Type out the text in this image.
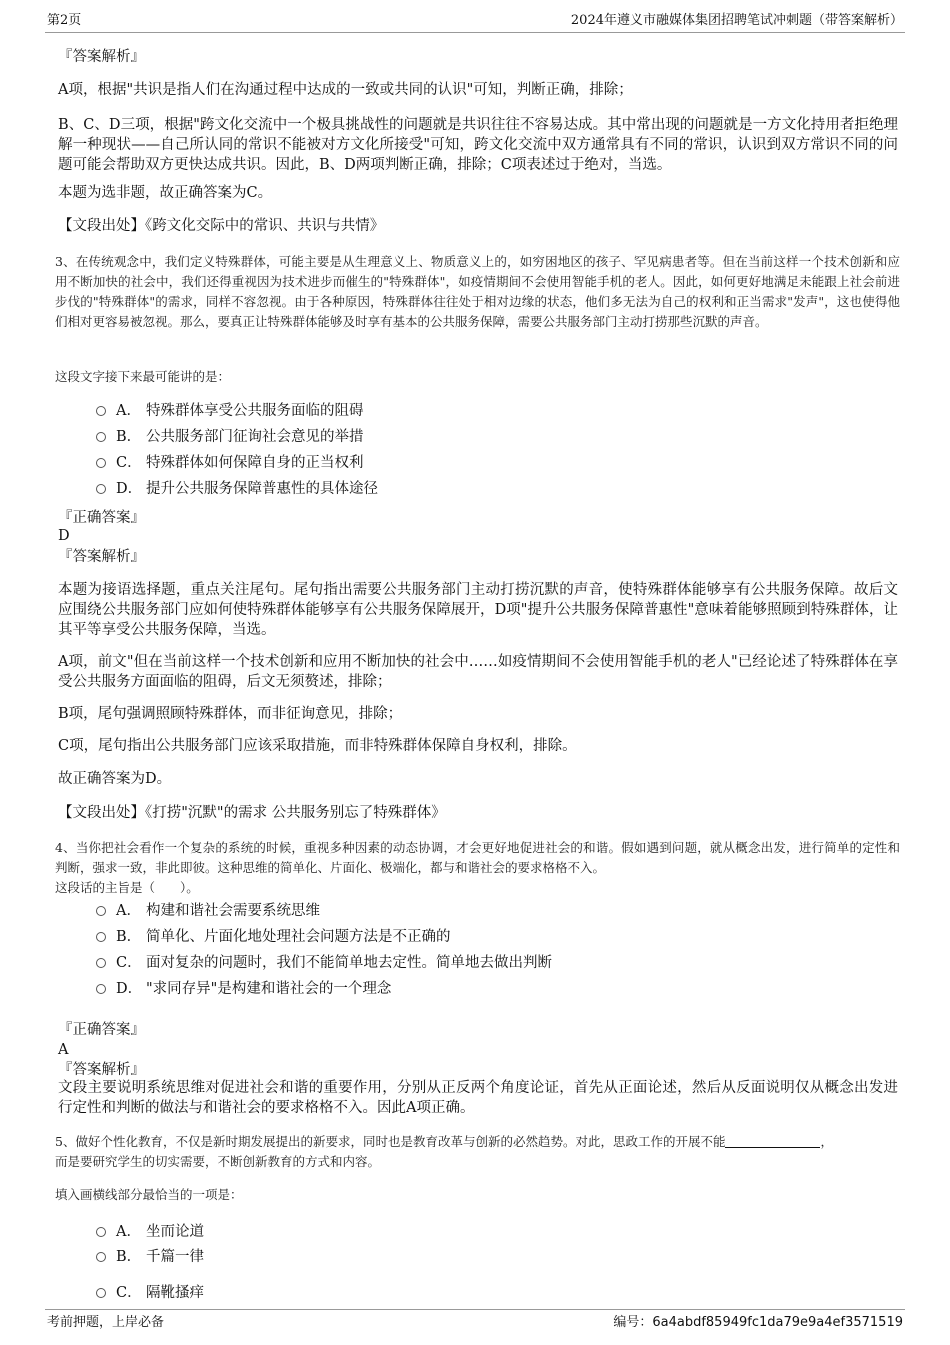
第2页	2024年遵义市融媒体集团招聘笔试冲刺题（带答案解析）
『答案解析』
A项，根据"共识是指人们在沟通过程中达成的一致或共同的认识"可知，判断正确，排除；
B、C、D三项，根据"跨文化交流中一个极具挑战性的问题就是共识往往不容易达成。其中常出现的问题就是一方文化持用者拒绝理解一种现状——自己所认同的常识不能被对方文化所接受"可知，跨文化交流中双方通常具有不同的常识，认识到双方常识不同的问题可能会帮助双方更快达成共识。因此，B、D两项判断正确，排除；C项表述过于绝对，当选。
本题为选非题，故正确答案为C。
【文段出处】《跨文化交际中的常识、共识与共情》
3、在传统观念中，我们定义特殊群体，可能主要是从生理意义上、物质意义上的，如穷困地区的孩子、罕见病患者等。但在当前这样一个技术创新和应用不断加快的社会中，我们还得重视因为技术进步而催生的"特殊群体"，如疫情期间不会使用智能手机的老人。因此，如何更好地满足未能跟上社会前进步伐的"特殊群体"的需求，同样不容忽视。由于各种原因，特殊群体往往处于相对边缘的状态，他们多无法为自己的权利和正当需求"发声"，这也使得他们相对更容易被忽视。那么，要真正让特殊群体能够及时享有基本的公共服务保障，需要公共服务部门主动打捞那些沉默的声音。
这段文字接下来最可能讲的是：
A． 特殊群体享受公共服务面临的阻碍
B． 公共服务部门征询社会意见的举措
C． 特殊群体如何保障自身的正当权利
D． 提升公共服务保障普惠性的具体途径
『正确答案』
D
『答案解析』
本题为接语选择题，重点关注尾句。尾句指出需要公共服务部门主动打捞沉默的声音，使特殊群体能够享有公共服务保障。故后文应围绕公共服务部门应如何使特殊群体能够享有公共服务保障展开，D项"提升公共服务保障普惠性"意味着能够照顾到特殊群体，让其平等享受公共服务保障，当选。
A项，前文"但在当前这样一个技术创新和应用不断加快的社会中……如疫情期间不会使用智能手机的老人"已经论述了特殊群体在享受公共服务方面面临的阻碍，后文无须赘述，排除；
B项，尾句强调照顾特殊群体，而非征询意见，排除；
C项，尾句指出公共服务部门应该采取措施，而非特殊群体保障自身权利，排除。
故正确答案为D。
【文段出处】《打捞"沉默"的需求 公共服务别忘了特殊群体》
4、当你把社会看作一个复杂的系统的时候，重视多种因素的动态协调，才会更好地促进社会的和谐。假如遇到问题，就从概念出发，进行简单的定性和判断，强求一致，非此即彼。这种思维的简单化、片面化、极端化，都与和谐社会的要求格格不入。
这段话的主旨是（　　）。
A． 构建和谐社会需要系统思维
B． 简单化、片面化地处理社会问题方法是不正确的
C． 面对复杂的问题时，我们不能简单地去定性。简单地去做出判断
D． "求同存异"是构建和谐社会的一个理念
『正确答案』
A
『答案解析』
文段主要说明系统思维对促进社会和谐的重要作用，分别从正反两个角度论证，首先从正面论述，然后从反面说明仅从概念出发进行定性和判断的做法与和谐社会的要求格格不入。因此A项正确。
5、做好个性化教育，不仅是新时期发展提出的新要求，同时也是教育改革与创新的必然趋势。对此，思政工作的开展不能	，
而是要研究学生的切实需要，不断创新教育的方式和内容。
填入画横线部分最恰当的一项是：
A． 坐而论道
B． 千篇一律
C． 隔靴搔痒
考前押题，上岸必备	编号：6a4abdf85949fc1da79e9a4ef3571519
